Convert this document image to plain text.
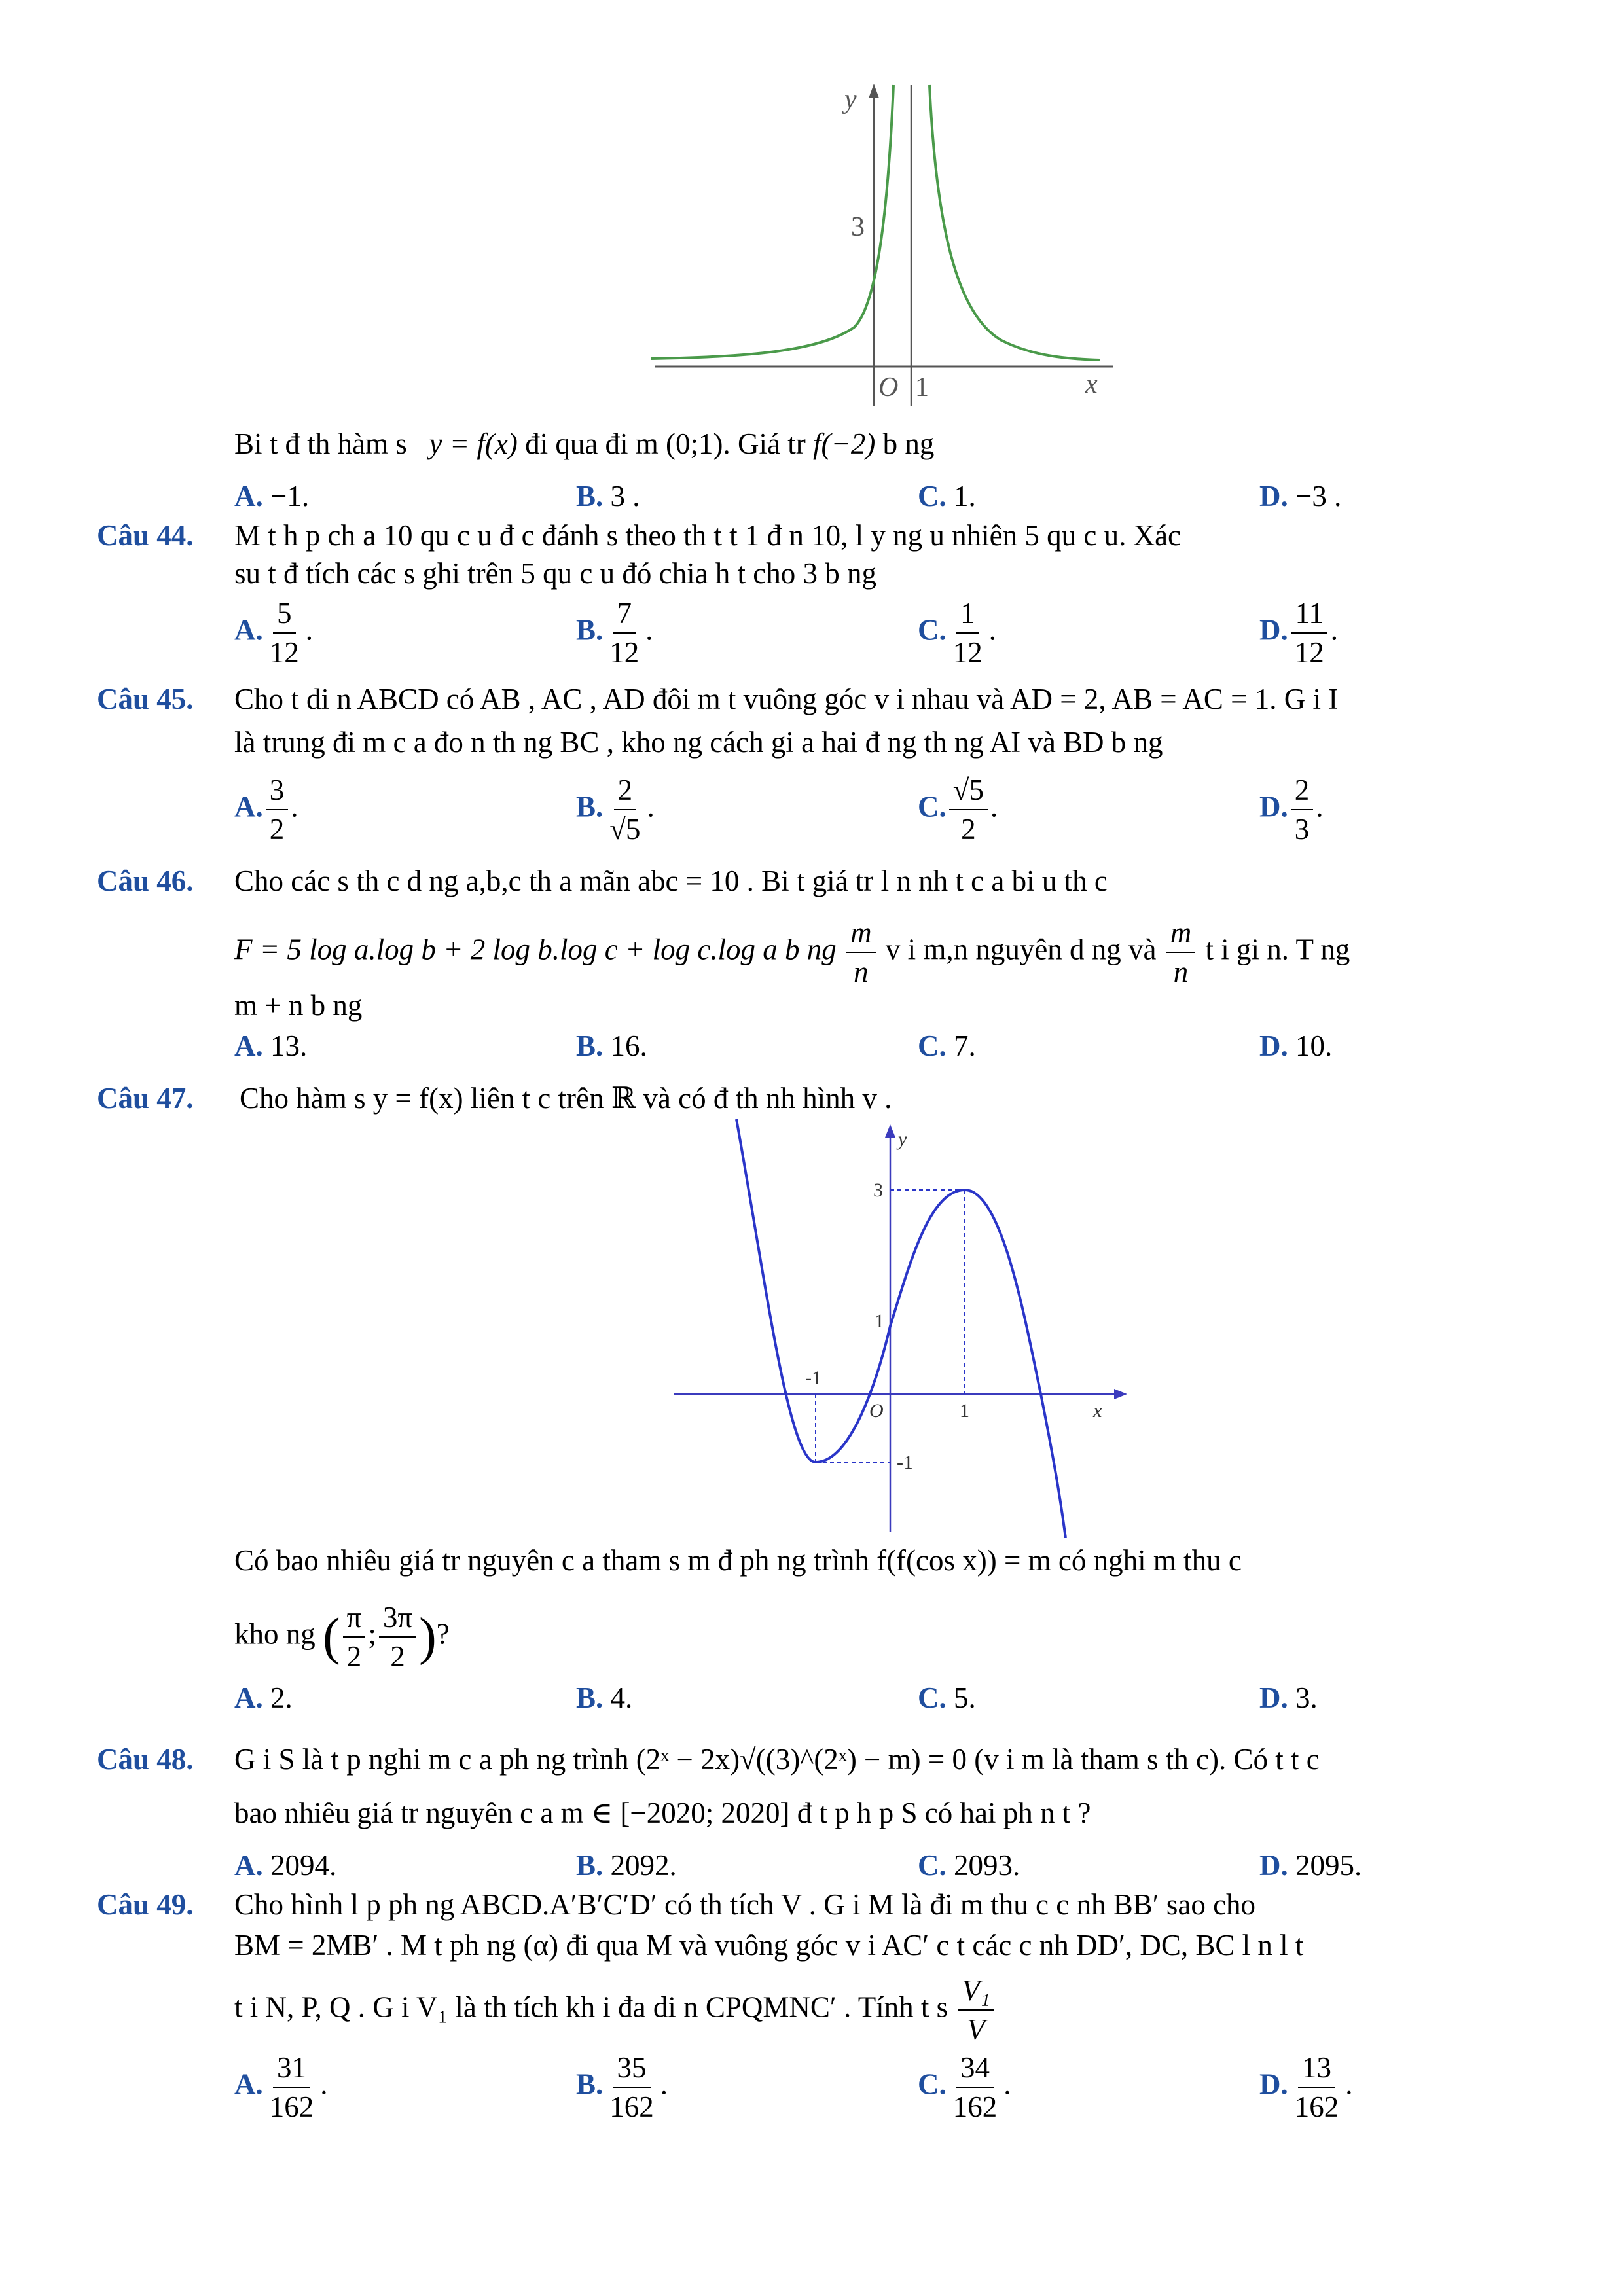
y
x
O 1
3
Bi t đ th hàm s y = f(x) đi qua đi m (0;1). Giá tr f(−2) b ng
A. −1.	B. 3 .	C. 1.	D. −3 .
Câu 44. M t h p ch a 10 qu c u đ c đánh s theo th t t 1 đ n 10, l y ng u nhiên 5 qu c u. Xác
su t đ tích các s ghi trên 5 qu c u đó chia h t cho 3 b ng
A. $\frac{5}{12}$ .	B. $\frac{7}{12}$ .	C. $\frac{1}{12}$ .	D. $\frac{11}{12}$ .
Câu 45. Cho t di n ABCD có AB , AC , AD đôi m t vuông góc v i nhau và AD = 2, AB = AC = 1. G i I
là trung đi m c a đo n th ng BC , kho ng cách gi a hai đ ng th ng AI và BD b ng
A. $\frac{3}{2}$ .	B. $\frac{2}{√5}$ .	C. $\frac{√5}{2}$ .	D. $\frac{2}{3}$ .
Câu 46. Cho các s th c d ng a,b,c th a mãn abc = 10 . Bi t giá tr l n nh t c a bi u th c
F = 5 log a.log b + 2 log b.log c + log c.log a b ng $\frac{m}{n}$ v i m,n nguyên d ng và $\frac{m}{n}$ t i gi n. T ng
m + n b ng
A. 13.	B. 16.	C. 7.	D. 10.
Câu 47. Cho hàm s y = f(x) liên t c trên ℝ và có đ th nh hình v .
y
x
O
-1
1
3
1
-1
Có bao nhiêu giá tr nguyên c a tham s m đ ph ng trình f(f(cos x)) = m có nghi m thu c
kho ng ( $\frac{\pi}{2}$ ; $\frac{3\pi}{2}$ )?
A. 2.	B. 4.	C. 5.	D. 3.
Câu 48. G i S là t p nghi m c a ph ng trình (2ˣ − 2x)√((3)^(2ˣ) − m) = 0 (v i m là tham s th c). Có t t c
bao nhiêu giá tr nguyên c a m ∈ [−2020; 2020] đ t p h p S có hai ph n t ?
A. 2094.	B. 2092.	C. 2093.	D. 2095.
Câu 49. Cho hình l p ph ng ABCD.A′B′C′D′ có th tích V . G i M là đi m thu c c nh BB′ sao cho
BM = 2MB′ . M t ph ng (α) đi qua M và vuông góc v i AC′ c t các c nh DD′, DC, BC l n l t
t i N, P, Q . G i V₁ là th tích kh i đa di n CPQMNC′ . Tính t s $\frac{\text{V₁}}{V}$
A. $\frac{31}{162}$ .	B. $\frac{35}{162}$ .	C. $\frac{34}{162}$ .	D. $\frac{13}{162}$ .
